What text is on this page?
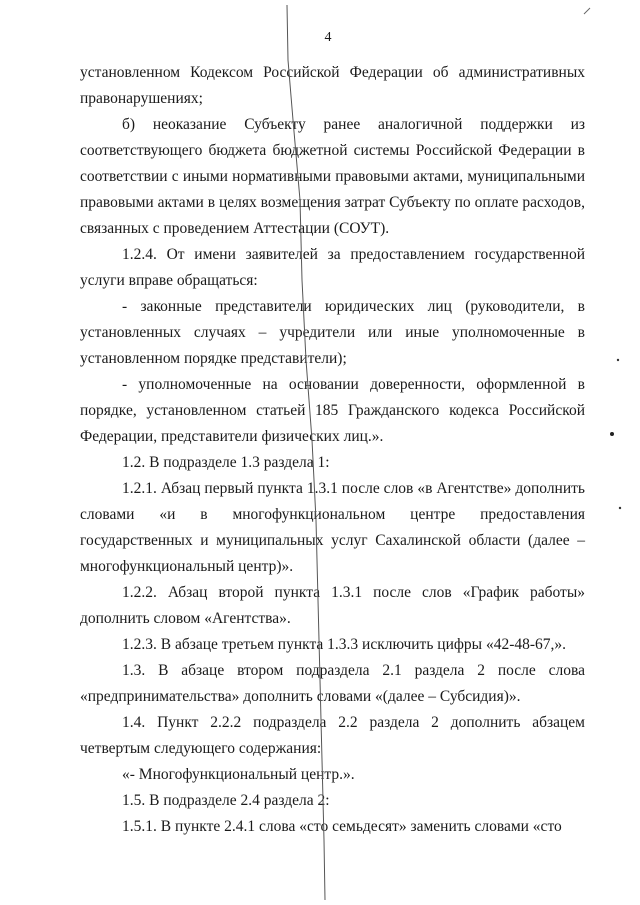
4

установленном Кодексом Российской Федерации об административных правонарушениях;

б) неоказание Субъекту ранее аналогичной поддержки из соответствующего бюджета бюджетной системы Российской Федерации в соответствии с иными нормативными правовыми актами, муниципальными правовыми актами в целях возмещения затрат Субъекту по оплате расходов, связанных с проведением Аттестации (СОУТ).

1.2.4. От имени заявителей за предоставлением государственной услуги вправе обращаться:

- законные представители юридических лиц (руководители, в установленных случаях – учредители или иные уполномоченные в установленном порядке представители);

- уполномоченные на основании доверенности, оформленной в порядке, установленном статьей 185 Гражданского кодекса Российской Федерации, представители физических лиц.».

1.2. В подразделе 1.3 раздела 1:

1.2.1. Абзац первый пункта 1.3.1 после слов «в Агентстве» дополнить словами «и в многофункциональном центре предоставления государственных и муниципальных услуг Сахалинской области (далее – многофункциональный центр)».

1.2.2. Абзац второй пункта 1.3.1 после слов «График работы» дополнить словом «Агентства».

1.2.3. В абзаце третьем пункта 1.3.3 исключить цифры «42-48-67,».

1.3. В абзаце втором подраздела 2.1 раздела 2 после слова «предпринимательства» дополнить словами «(далее – Субсидия)».

1.4. Пункт 2.2.2 подраздела 2.2 раздела 2 дополнить абзацем четвертым следующего содержания:

«- Многофункциональный центр.».

1.5. В подразделе 2.4 раздела 2:

1.5.1. В пункте 2.4.1 слова «сто семьдесят» заменить словами «сто
